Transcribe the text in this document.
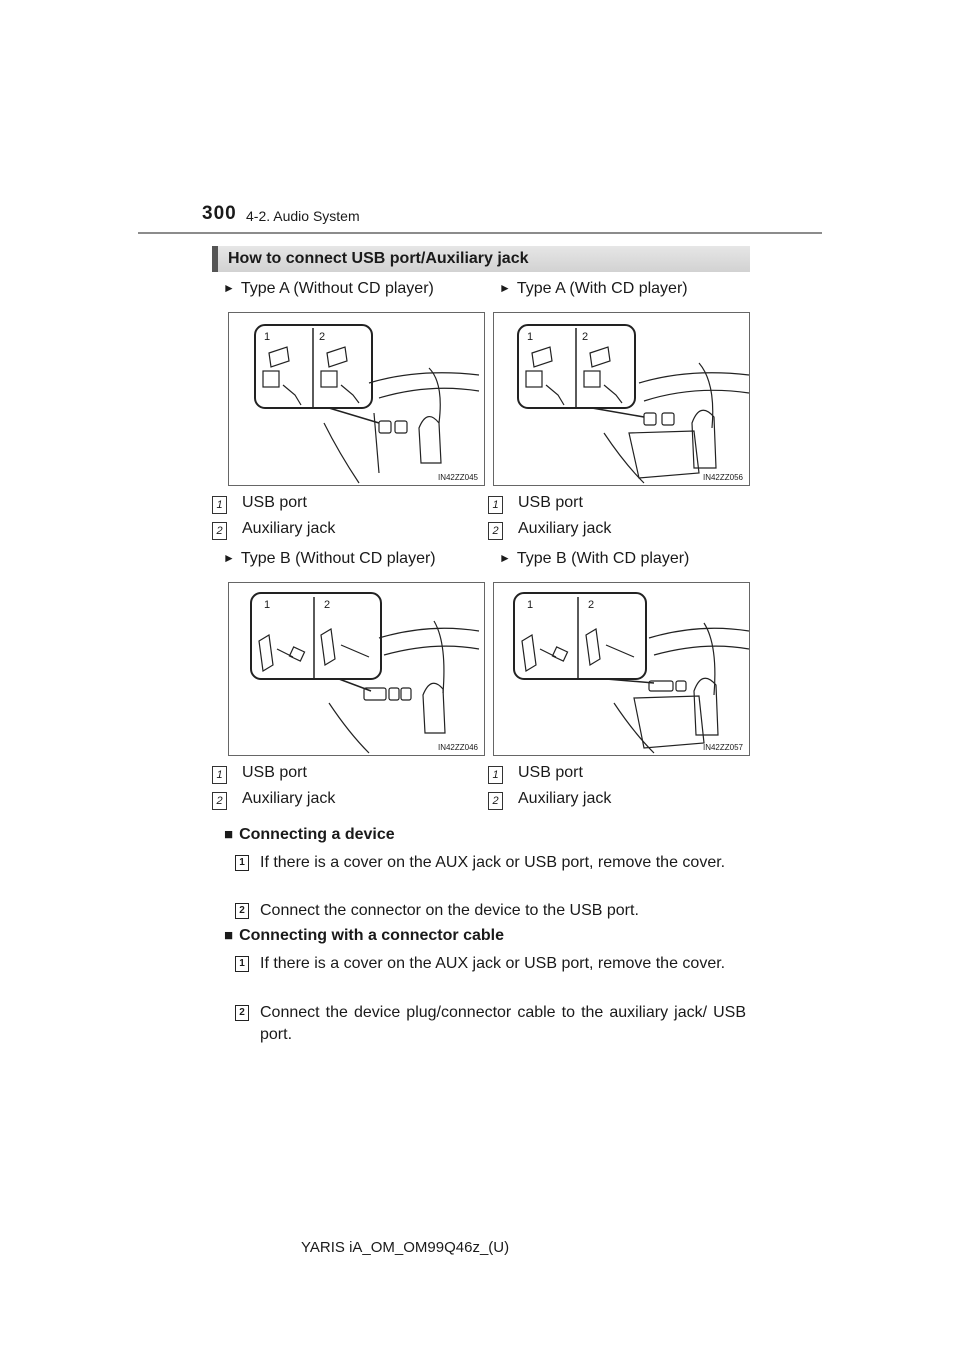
300 4-2. Audio System
How to connect USB port/Auxiliary jack
► Type A (Without CD player)	► Type A (With CD player)
► Type B (Without CD player)	► Type B (With CD player)
1	2
IN42ZZ045
1	2
IN42ZZ056
1	2
IN42ZZ046
1	2
IN42ZZ057
1 USB port
2 Auxiliary jack
1 USB port
2 Auxiliary jack
1 USB port
2 Auxiliary jack
1 USB port
2 Auxiliary jack
■ Connecting a device
1 If there is a cover on the AUX jack or USB port, remove the cover.
2 Connect the connector on the device to the USB port.
■ Connecting with a connector cable
1 If there is a cover on the AUX jack or USB port, remove the cover.
2 Connect the device plug/connector cable to the auxiliary jack/ USB port.
YARIS iA_OM_OM99Q46z_(U)
